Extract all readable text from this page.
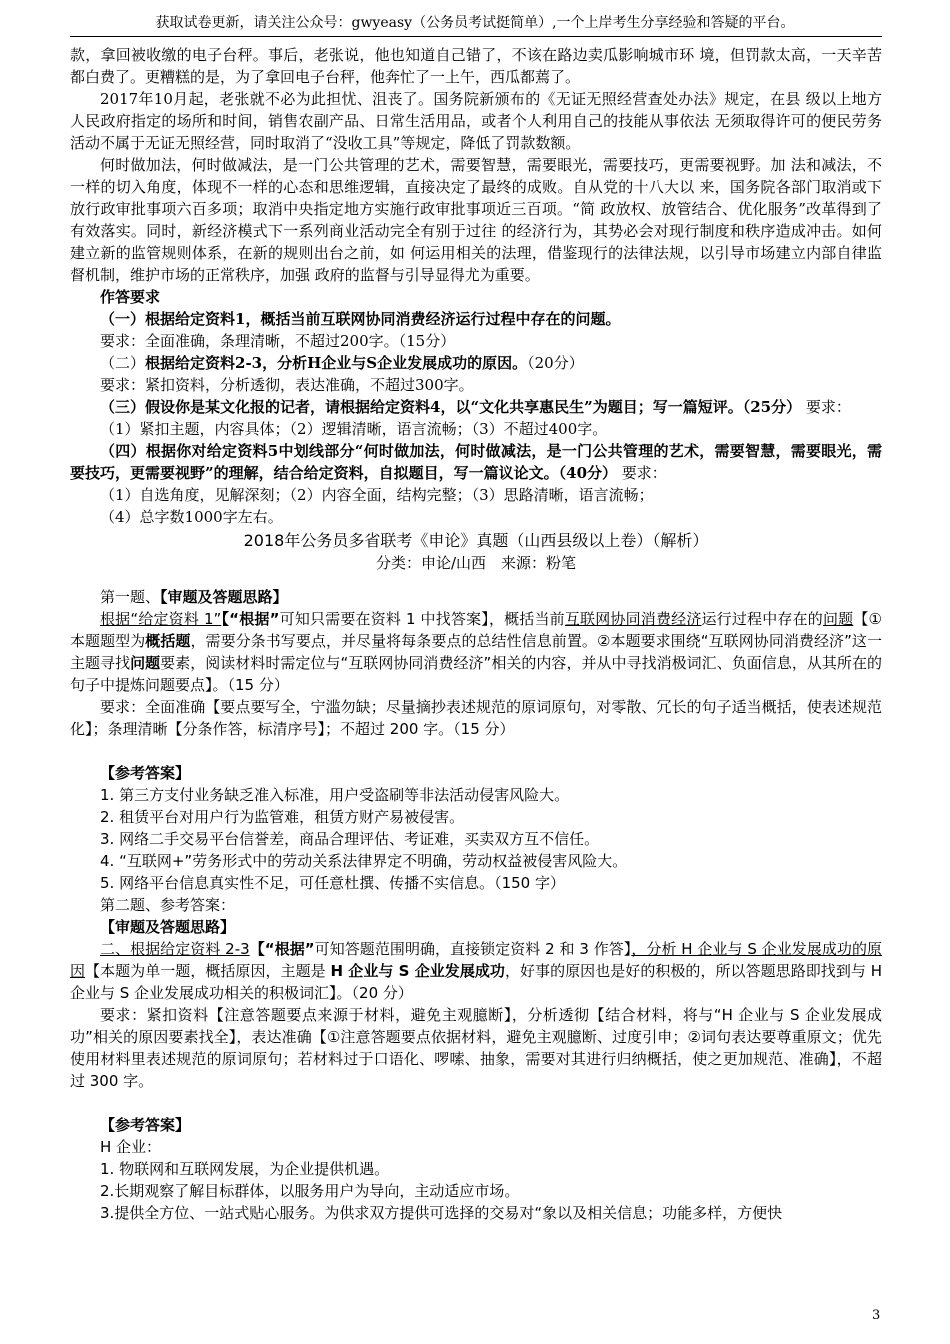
获取试卷更新，请关注公众号：gwyeasy（公务员考试挺简单）,一个上岸考生分享经验和答疑的平台。

款，拿回被收缴的电子台秤。事后，老张说，他也知道自己错了，不该在路边卖瓜影响城市环 境，但罚款太高，一天辛苦都白费了。更糟糕的是，为了拿回电子台秤，他奔忙了一上午，西瓜都蔫了。

2017年10月起，老张就不必为此担忧、沮丧了。国务院新颁布的《无证无照经营查处办法》规定，在县 级以上地方人民政府指定的场所和时间，销售农副产品、日常生活用品，或者个人利用自己的技能从事依法 无须取得许可的便民劳务活动不属于无证无照经营，同时取消了“没收工具”等规定，降低了罚款数额。

何时做加法，何时做减法，是一门公共管理的艺术，需要智慧，需要眼光，需要技巧，更需要视野。加 法和减法，不一样的切入角度，体现不一样的心态和思维逻辑，直接决定了最终的成败。自从党的十八大以 来，国务院各部门取消或下放行政审批事项六百多项；取消中央指定地方实施行政审批事项近三百项。“简 政放权、放管结合、优化服务”改革得到了有效落实。同时，新经济模式下一系列商业活动完全有别于过往 的经济行为，其势必会对现行制度和秩序造成冲击。如何建立新的监管规则体系，在新的规则出台之前，如 何运用相关的法理，借鉴现行的法律法规，以引导市场建立内部自律监督机制，维护市场的正常秩序，加强 政府的监督与引导显得尤为重要。

作答要求

（一）根据给定资料1，概括当前互联网协同消费经济运行过程中存在的问题。

要求：全面准确，条理清晰，不超过200字。（15分）

（二）根据给定资料2-3，分析H企业与S企业发展成功的原因。（20分）

要求：紧扣资料，分析透彻，表达准确，不超过300字。

（三）假设你是某文化报的记者，请根据给定资料4，以“文化共享惠民生”为题目；写一篇短评。（25分） 要求：

（1）紧扣主题，内容具体；（2）逻辑清晰，语言流畅；（3）不超过400字。

（四）根据你对给定资料5中划线部分“何时做加法，何时做减法，是一门公共管理的艺术，需要智慧，需要眼光，需要技巧，更需要视野”的理解，结合给定资料，自拟题目，写一篇议论文。（40分） 要求：

（1）自选角度，见解深刻；（2）内容全面，结构完整；（3）思路清晰，语言流畅；

（4）总字数1000字左右。

2018年公务员多省联考《申论》真题（山西县级以上卷）（解析）
分类：申论/山西　来源：粉笔

第一题、【审题及答题思路】

根据“给定资料 1”【“根据”可知只需要在资料 1 中找答案】，概括当前互联网协同消费经济运行过程中存在的问题【①本题题型为概括题，需要分条书写要点，并尽量将每条要点的总结性信息前置。②本题要求围绕“互联网协同消费经济”这一主题寻找问题要素，阅读材料时需定位与“互联网协同消费经济”相关的内容，并从中寻找消极词汇、负面信息，从其所在的句子中提炼问题要点】。（15 分）

要求：全面准确【要点要写全，宁滥勿缺；尽量摘抄表述规范的原词原句，对零散、冗长的句子适当概括，使表述规范化】；条理清晰【分条作答，标清序号】；不超过 200 字。（15 分）

【参考答案】

1. 第三方支付业务缺乏准入标准，用户受盗刷等非法活动侵害风险大。

2. 租赁平台对用户行为监管难，租赁方财产易被侵害。

3. 网络二手交易平台信誉差，商品合理评估、考证难，买卖双方互不信任。

4. “互联网+”劳务形式中的劳动关系法律界定不明确，劳动权益被侵害风险大。

5. 网络平台信息真实性不足，可任意杜撰、传播不实信息。（150 字）

第二题、参考答案：

【审题及答题思路】

二、根据给定资料 2-3【“根据”可知答题范围明确，直接锁定资料 2 和 3 作答】，分析 H 企业与 S 企业发展成功的原因【本题为单一题，概括原因，主题是 H 企业与 S 企业发展成功，好事的原因也是好的积极的，所以答题思路即找到与 H 企业与 S 企业发展成功相关的积极词汇】。（20 分）

要求：紧扣资料【注意答题要点来源于材料，避免主观臆断】，分析透彻【结合材料，将与“H 企业与 S 企业发展成功”相关的原因要素找全】，表达准确【①注意答题要点依据材料，避免主观臆断、过度引申；②词句表达要尊重原文；优先使用材料里表述规范的原词原句；若材料过于口语化、啰嗦、抽象，需要对其进行归纳概括，使之更加规范、准确】，不超过 300 字。

【参考答案】

H 企业：

1. 物联网和互联网发展，为企业提供机遇。

2.长期观察了解目标群体，以服务用户为导向，主动适应市场。

3.提供全方位、一站式贴心服务。为供求双方提供可选择的交易对“象以及相关信息；功能多样，方便快

3
